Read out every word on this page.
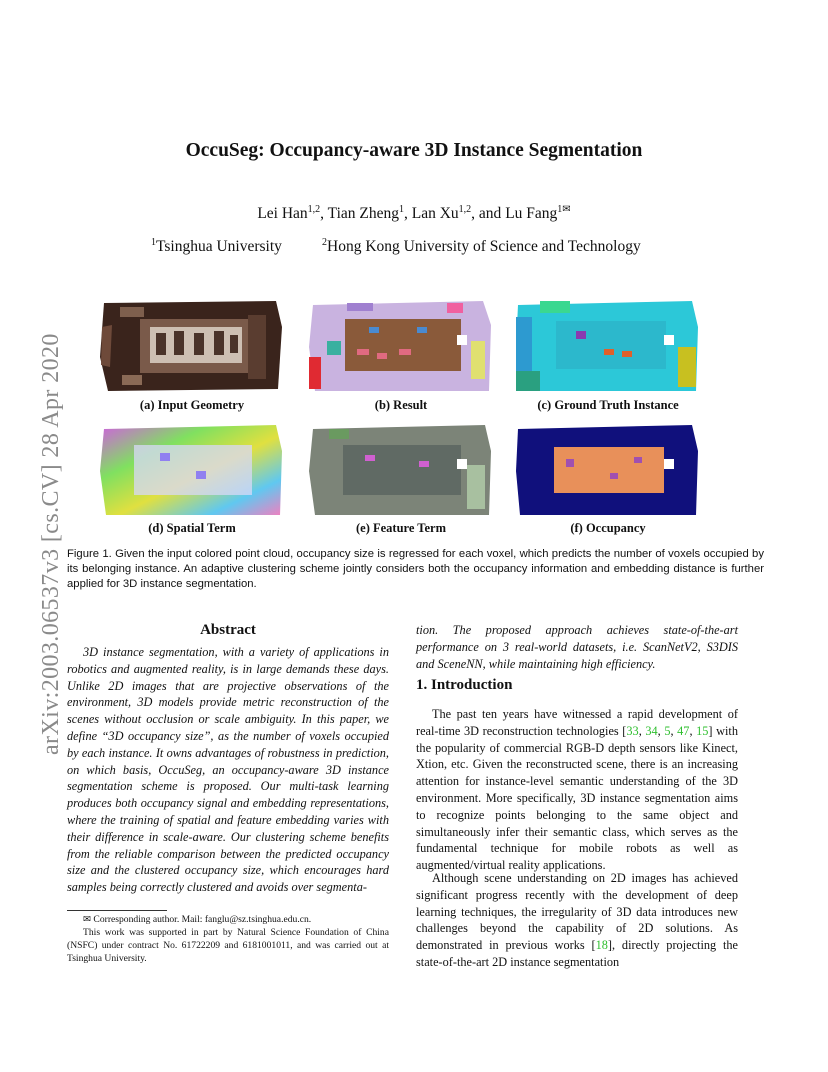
arXiv:2003.06537v3 [cs.CV] 28 Apr 2020
OccuSeg: Occupancy-aware 3D Instance Segmentation
Lei Han$^{1,2}$, Tian Zheng$^1$, Lan Xu$^{1,2}$, and Lu Fang$^{1✉}$
$^1$Tsinghua University	$^2$Hong Kong University of Science and Technology
(a) Input Geometry	(b) Result	(c) Ground Truth Instance
(d) Spatial Term	(e) Feature Term	(f) Occupancy
Figure 1. Given the input colored point cloud, occupancy size is regressed for each voxel, which predicts the number of voxels occupied by its belonging instance. An adaptive clustering scheme jointly considers both the occupancy information and embedding distance is further applied for 3D instance segmentation.
Abstract
3D instance segmentation, with a variety of applications in robotics and augmented reality, is in large demands these days. Unlike 2D images that are projective observations of the environment, 3D models provide metric reconstruction of the scenes without occlusion or scale ambiguity. In this paper, we define “3D occupancy size”, as the number of voxels occupied by each instance. It owns advantages of robustness in prediction, on which basis, OccuSeg, an occupancy-aware 3D instance segmentation scheme is proposed. Our multi-task learning produces both occupancy signal and embedding representations, where the training of spatial and feature embedding varies with their difference in scale-aware. Our clustering scheme benefits from the reliable comparison between the predicted occupancy size and the clustered occupancy size, which encourages hard samples being correctly clustered and avoids over segmenta-
tion. The proposed approach achieves state-of-the-art performance on 3 real-world datasets, i.e. ScanNetV2, S3DIS and SceneNN, while maintaining high efficiency.
✉ Corresponding author. Mail: fanglu@sz.tsinghua.edu.cn.
This work was supported in part by Natural Science Foundation of China (NSFC) under contract No. 61722209 and 6181001011, and was carried out at Tsinghua University.
1. Introduction
The past ten years have witnessed a rapid development of real-time 3D reconstruction technologies [33, 34, 5, 47, 15] with the popularity of commercial RGB-D depth sensors like Kinect, Xtion, etc. Given the reconstructed scene, there is an increasing attention for instance-level semantic understanding of the 3D environment. More specifically, 3D instance segmentation aims to recognize points belonging to the same object and simultaneously infer their semantic class, which serves as the fundamental technique for mobile robots as well as augmented/virtual reality applications.
Although scene understanding on 2D images has achieved significant progress recently with the development of deep learning techniques, the irregularity of 3D data introduces new challenges beyond the capability of 2D solutions. As demonstrated in previous works [18], directly projecting the state-of-the-art 2D instance segmentation
